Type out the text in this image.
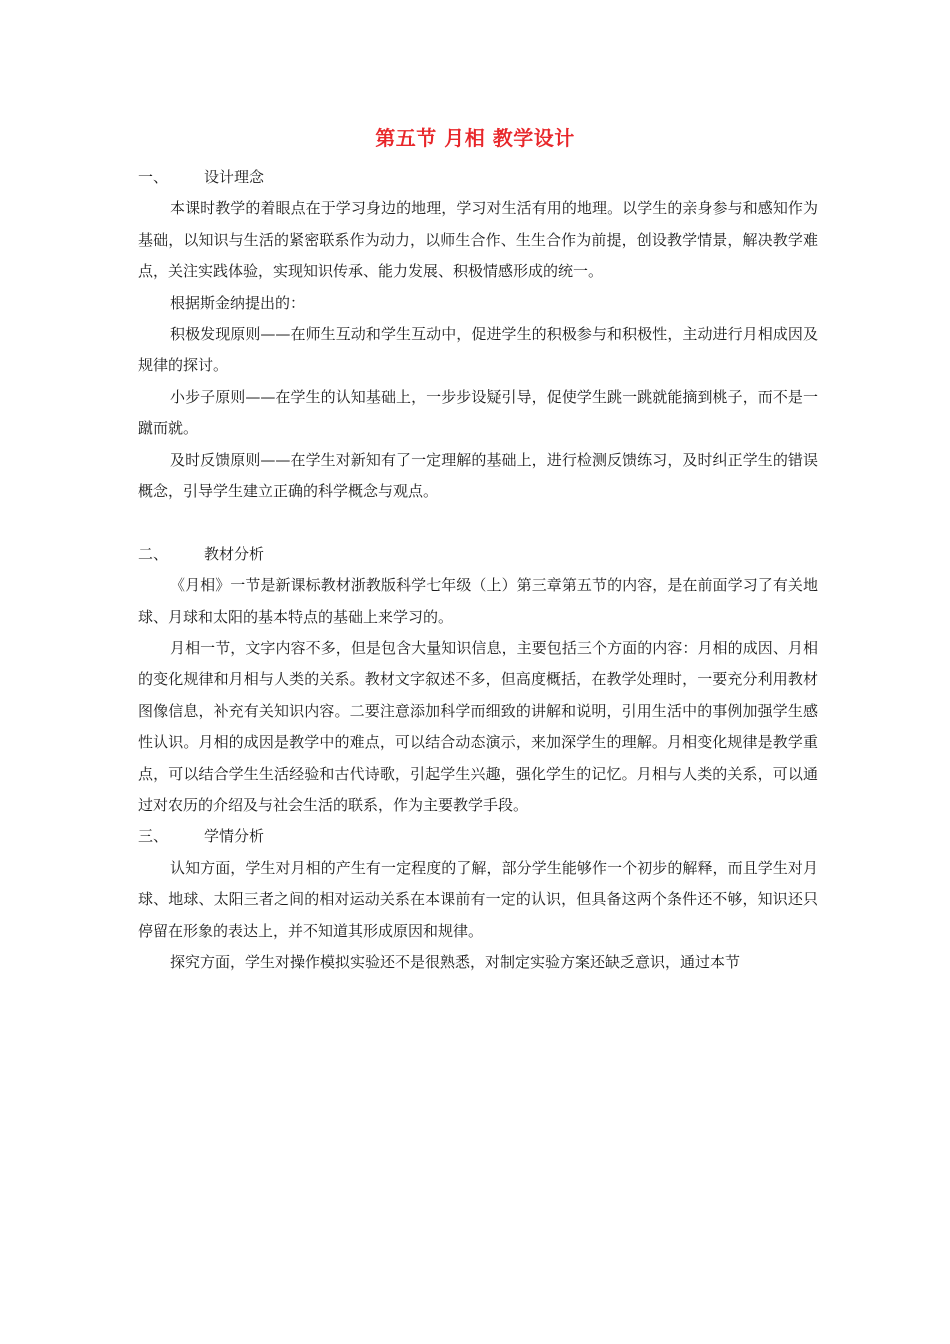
第五节 月相 教学设计
一、	设计理念

本课时教学的着眼点在于学习身边的地理，学习对生活有用的地理。以学生的亲身参与和感知作为基础，以知识与生活的紧密联系作为动力，以师生合作、生生合作为前提，创设教学情景，解决教学难点，关注实践体验，实现知识传承、能力发展、积极情感形成的统一。

根据斯金纳提出的：

积极发现原则——在师生互动和学生互动中，促进学生的积极参与和积极性，主动进行月相成因及规律的探讨。

小步子原则——在学生的认知基础上，一步步设疑引导，促使学生跳一跳就能摘到桃子，而不是一蹴而就。

及时反馈原则——在学生对新知有了一定理解的基础上，进行检测反馈练习，及时纠正学生的错误概念，引导学生建立正确的科学概念与观点。

二、	教材分析

《月相》一节是新课标教材浙教版科学七年级（上）第三章第五节的内容，是在前面学习了有关地球、月球和太阳的基本特点的基础上来学习的。

月相一节，文字内容不多，但是包含大量知识信息，主要包括三个方面的内容：月相的成因、月相的变化规律和月相与人类的关系。教材文字叙述不多，但高度概括，在教学处理时，一要充分利用教材图像信息，补充有关知识内容。二要注意添加科学而细致的讲解和说明，引用生活中的事例加强学生感性认识。月相的成因是教学中的难点，可以结合动态演示，来加深学生的理解。月相变化规律是教学重点，可以结合学生生活经验和古代诗歌，引起学生兴趣，强化学生的记忆。月相与人类的关系，可以通过对农历的介绍及与社会生活的联系，作为主要教学手段。

三、	学情分析

认知方面，学生对月相的产生有一定程度的了解，部分学生能够作一个初步的解释，而且学生对月球、地球、太阳三者之间的相对运动关系在本课前有一定的认识，但具备这两个条件还不够，知识还只停留在形象的表达上，并不知道其形成原因和规律。

探究方面，学生对操作模拟实验还不是很熟悉，对制定实验方案还缺乏意识，通过本节
